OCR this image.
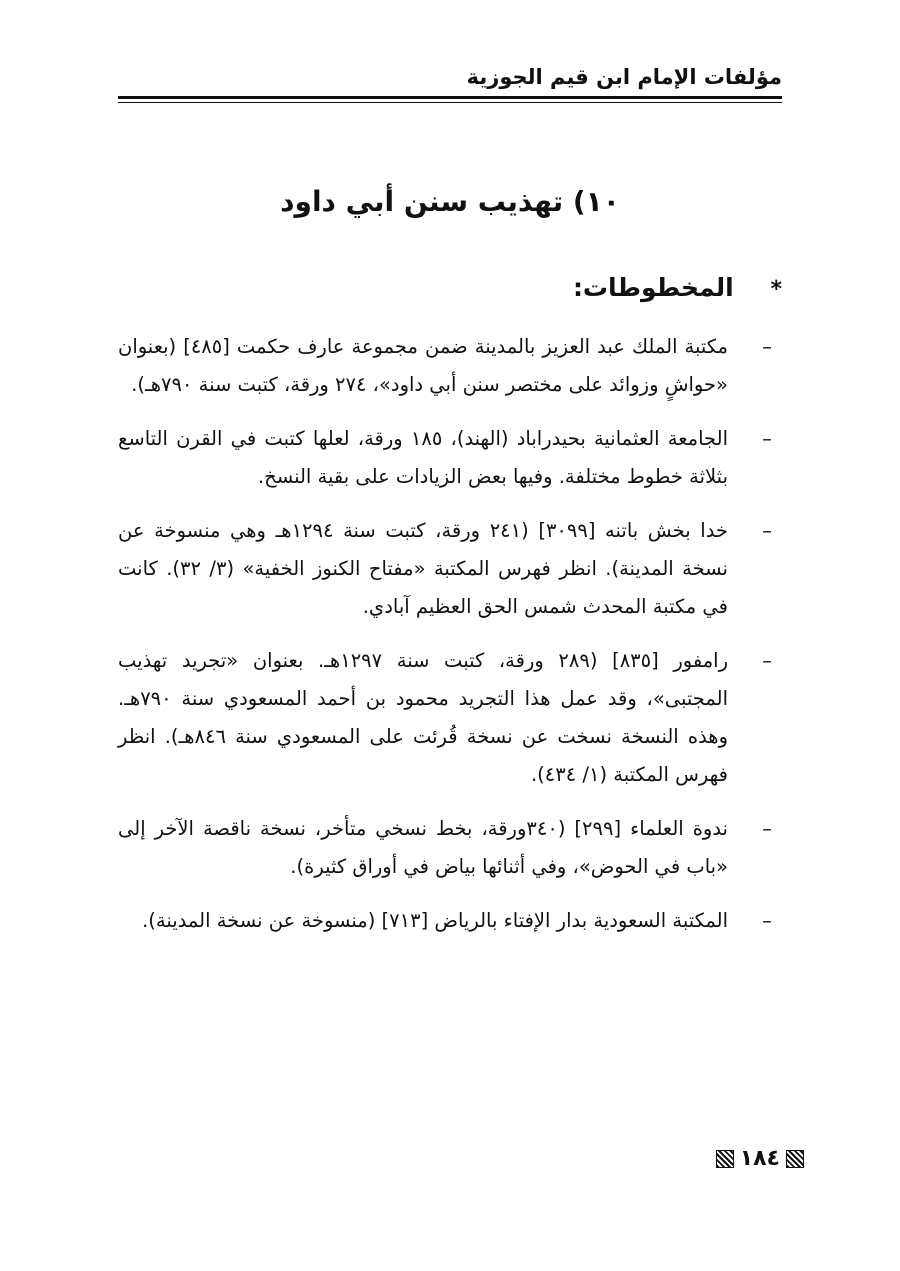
مؤلفات الإمام ابن قيم الجوزية
١٠) تهذيب سنن أبي داود
* المخطوطات:
–
مكتبة الملك عبد العزيز بالمدينة ضمن مجموعة عارف حكمت [٤٨٥] (بعنوان «حواشٍ وزوائد على مختصر سنن أبي داود»، ٢٧٤ ورقة، كتبت سنة ٧٩٠هـ).
–
الجامعة العثمانية بحيدراباد (الهند)، ١٨٥ ورقة، لعلها كتبت في القرن التاسع بثلاثة خطوط مختلفة. وفيها بعض الزيادات على بقية النسخ.
–
خدا بخش باتنه [٣٠٩٩] (٢٤١ ورقة، كتبت سنة ١٢٩٤هـ وهي منسوخة عن نسخة المدينة). انظر فهرس المكتبة «مفتاح الكنوز الخفية» (٣/ ٣٢). كانت في مكتبة المحدث شمس الحق العظيم آبادي.
–
رامفور [٨٣٥] (٢٨٩ ورقة، كتبت سنة ١٢٩٧هـ. بعنوان «تجريد تهذيب المجتبى»، وقد عمل هذا التجريد محمود بن أحمد المسعودي سنة ٧٩٠هـ. وهذه النسخة نسخت عن نسخة قُرئت على المسعودي سنة ٨٤٦هـ). انظر فهرس المكتبة (١/ ٤٣٤).
–
ندوة العلماء [٢٩٩] (٣٤٠ورقة، بخط نسخي متأخر، نسخة ناقصة الآخر إلى «باب في الحوض»، وفي أثنائها بياض في أوراق كثيرة).
–
المكتبة السعودية بدار الإفتاء بالرياض [٧١٣] (منسوخة عن نسخة المدينة).
١٨٤
